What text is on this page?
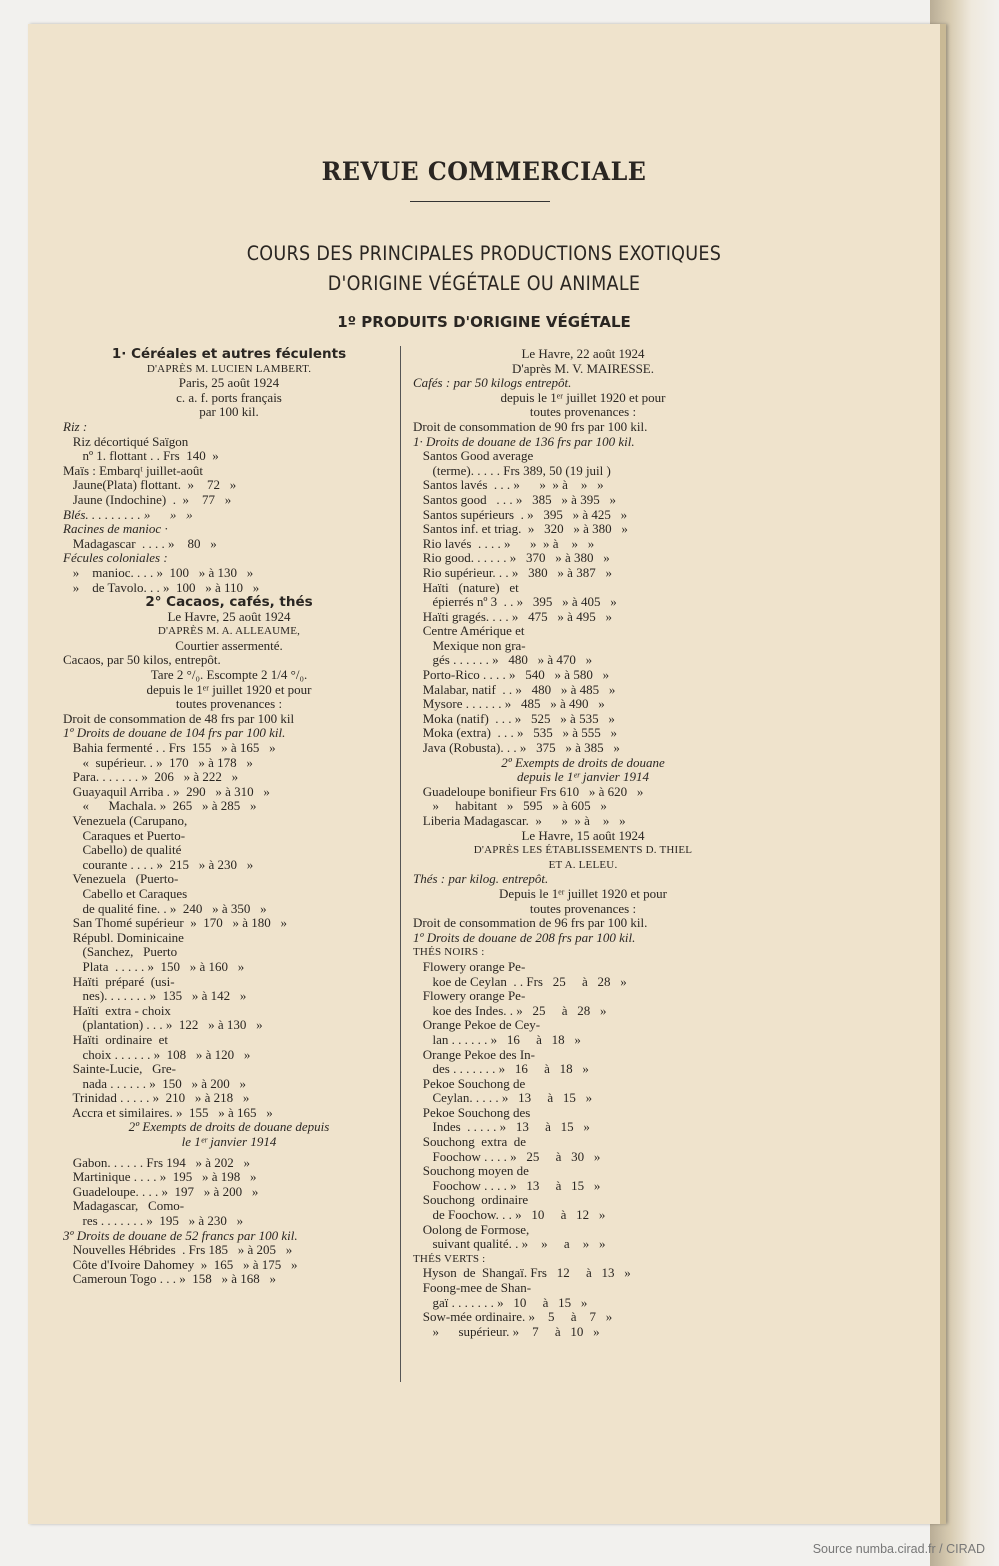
REVUE COMMERCIALE
COURS DES PRINCIPALES PRODUCTIONS EXOTIQUES
D'ORIGINE VÉGÉTALE OU ANIMALE
1º PRODUITS D'ORIGINE VÉGÉTALE
1· Céréales et autres féculents
D'APRÈS M. LUCIEN LAMBERT.
Paris, 25 août 1924
c. a. f. ports français
par 100 kil.
Riz :
Riz décortiqué Saïgon
nº 1. flottant . . Frs  140  »
Maïs : Embarqᵗ juillet-août
Jaune(Plata) flottant.  »    72   »
Jaune (Indochine)  .  »    77   »
Blés. . . . . . . . . »      »   »
Racines de manioc ·
Madagascar  . . . . »    80   »
Fécules coloniales :
»    manioc. . . . »  100   » à 130   »
»    de Tavolo. . . »  100   » à 110   »
2° Cacaos, cafés, thés
Le Havre, 25 août 1924
D'APRÈS M. A. ALLEAUME,
Courtier assermenté.
Cacaos, par 50 kilos, entrepôt.
Tare 2 °/₀. Escompte 2 1/4 °/₀.
depuis le 1ᵉʳ juillet 1920 et pour
toutes provenances :
Droit de consommation de 48 frs par 100 kil
1º Droits de douane de 104 frs par 100 kil.
Bahia fermenté . . Frs  155   » à 165   »
«  supérieur. . »  170   » à 178   »
Para. . . . . . . »  206   » à 222   »
Guayaquil Arriba . »  290   » à 310   »
«      Machala. »  265   » à 285   »
Venezuela (Carupano,
Caraques et Puerto-
Cabello) de qualité
courante . . . . »  215   » à 230   »
Venezuela   (Puerto-
Cabello et Caraques
de qualité fine. . »  240   » à 350   »
San Thomé supérieur  »  170   » à 180   »
Républ. Dominicaine
(Sanchez,   Puerto
Plata  . . . . . »  150   » à 160   »
Haïti  préparé  (usi-
nes). . . . . . . »  135   » à 142   »
Haïti  extra - choix
(plantation) . . . »  122   » à 130   »
Haïti  ordinaire  et
choix . . . . . . »  108   » à 120   »
Sainte-Lucie,   Gre-
nada . . . . . . »  150   » à 200   »
Trinidad . . . . . »  210   » à 218   »
Accra et similaires. »  155   » à 165   »
2º Exempts de droits de douane depuis
le 1ᵉʳ janvier 1914
Gabon. . . . . . Frs 194   » à 202   »
Martinique . . . . »  195   » à 198   »
Guadeloupe. . . . »  197   » à 200   »
Madagascar,   Como-
res . . . . . . . »  195   » à 230   »
3º Droits de douane de 52 francs par 100 kil.
Nouvelles Hébrides  . Frs 185   » à 205   »
Côte d'Ivoire Dahomey  »  165   » à 175   »
Cameroun Togo . . . »  158   » à 168   »
Le Havre, 22 août 1924
D'après M. V. MAIRESSE.
Cafés : par 50 kilogs entrepôt.
depuis le 1ᵉʳ juillet 1920 et pour
toutes provenances :
Droit de consommation de 90 frs par 100 kil.
1· Droits de douane de 136 frs par 100 kil.
Santos Good average
(terme). . . . . Frs 389, 50 (19 juil )
Santos lavés  . . . »      »  » à    »   »
Santos good   . . . »   385   » à 395   »
Santos supérieurs  . »   395   » à 425   »
Santos inf. et triag.  »   320   » à 380   »
Rio lavés  . . . . »      »  » à    »   »
Rio good. . . . . . »   370   » à 380   »
Rio supérieur. . . »   380   » à 387   »
Haïti   (nature)   et
épierrés nº 3  . . »   395   » à 405   »
Haïti gragés. . . . »   475   » à 495   »
Centre Amérique et
Mexique non gra-
gés . . . . . . »   480   » à 470   »
Porto-Rico . . . . »   540   » à 580   »
Malabar, natif  . . »   480   » à 485   »
Mysore . . . . . . »   485   » à 490   »
Moka (natif)  . . . »   525   » à 535   »
Moka (extra)  . . . »   535   » à 555   »
Java (Robusta). . . »   375   » à 385   »
2º Exempts de droits de douane
depuis le 1ᵉʳ janvier 1914
Guadeloupe bonifieur Frs 610   » à 620   »
»     habitant   »   595   » à 605   »
Liberia Madagascar.  »      »  » à    »   »
Le Havre, 15 août 1924
D'APRÈS LES ÉTABLISSEMENTS D. THIEL
ET A. LELEU.
Thés : par kilog. entrepôt.
Depuis le 1ᵉʳ juillet 1920 et pour
toutes provenances :
Droit de consommation de 96 frs par 100 kil.
1º Droits de douane de 208 frs par 100 kil.
THÉS NOIRS :
Flowery orange Pe-
koe de Ceylan  . . Frs   25     à   28   »
Flowery orange Pe-
koe des Indes. . »   25     à   28   »
Orange Pekoe de Cey-
lan . . . . . . »   16     à   18   »
Orange Pekoe des In-
des . . . . . . . »   16     à   18   »
Pekoe Souchong de
Ceylan. . . . . »   13     à   15   »
Pekoe Souchong des
Indes  . . . . . »   13     à   15   »
Souchong  extra  de
Foochow . . . . »   25     à   30   »
Souchong moyen de
Foochow . . . . »   13     à   15   »
Souchong  ordinaire
de Foochow. . . »   10     à   12   »
Oolong de Formose,
suivant qualité. . »    »     a    »   »
THÉS VERTS :
Hyson  de  Shangaï. Frs   12     à   13   »
Foong-mee de Shan-
gaï . . . . . . . »   10     à   15   »
Sow-mée ordinaire. »    5     à    7   »
»      supérieur. »    7     à   10   »
Source numba.cirad.fr / CIRAD
